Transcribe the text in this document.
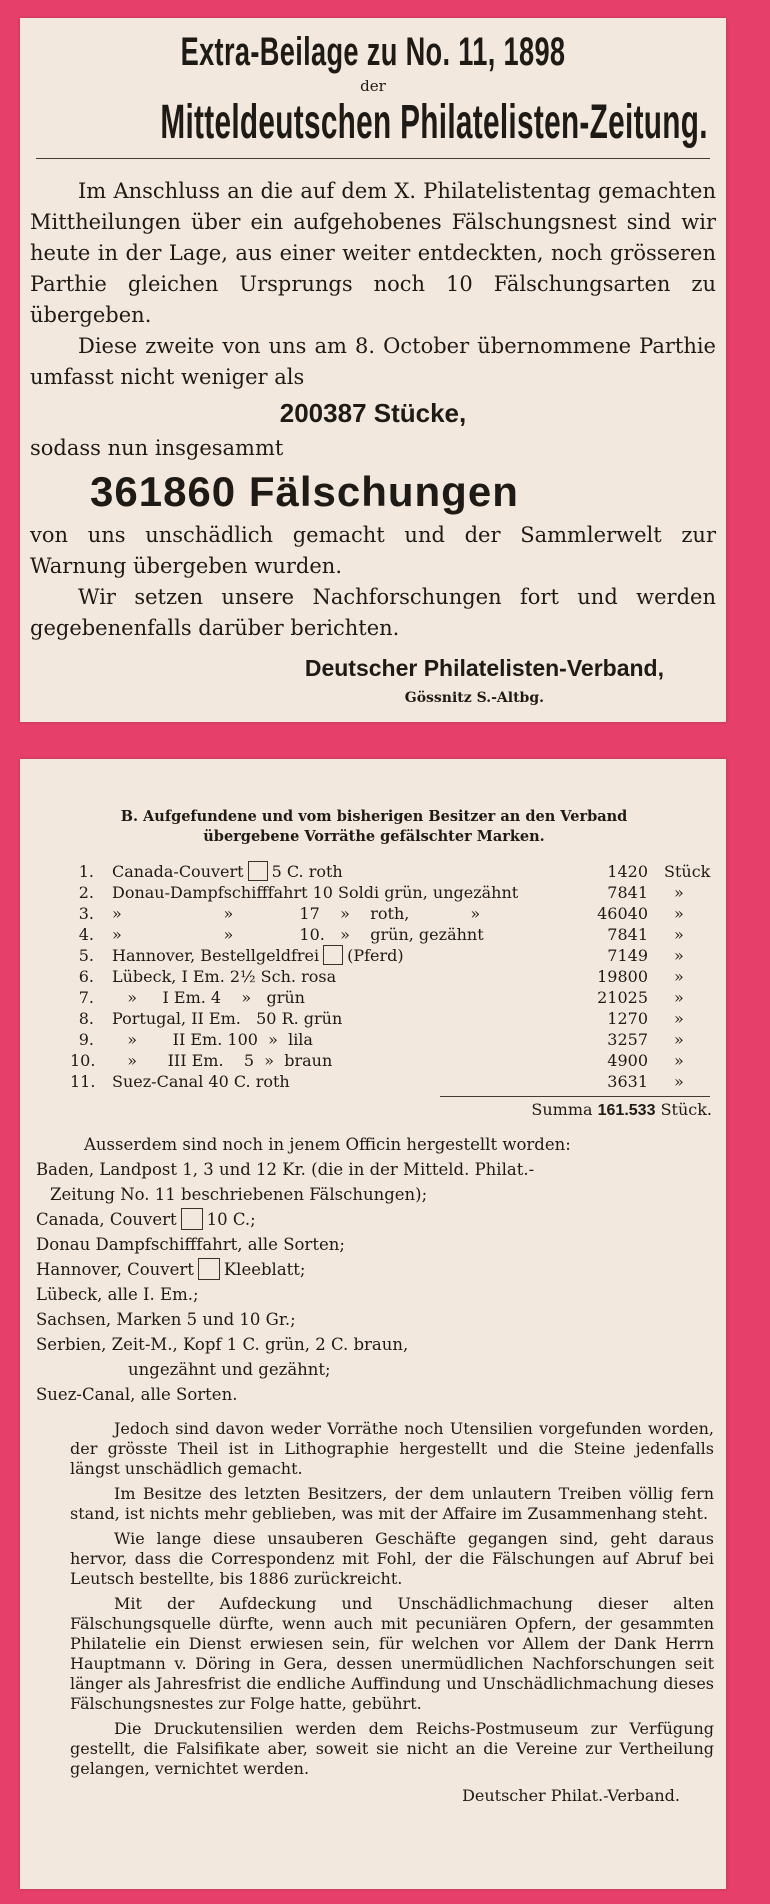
Extra-Beilage zu No. 11, 1898
der
Mitteldeutschen Philatelisten-Zeitung.

Im Anschluss an die auf dem X. Philatelistentag gemachten Mittheilungen über ein aufgehobenes Fälschungsnest sind wir heute in der Lage, aus einer weiter entdeckten, noch grösseren Parthie gleichen Ursprungs noch 10 Fälschungsarten zu übergeben.

Diese zweite von uns am 8. October übernommene Parthie umfasst nicht weniger als

200387 Stücke,

sodass nun insgesammt

361860 Fälschungen

von uns unschädlich gemacht und der Sammlerwelt zur Warnung übergeben wurden.

Wir setzen unsere Nachforschungen fort und werden gegebenenfalls darüber berichten.

Deutscher Philatelisten-Verband,
Gössnitz S.-Altbg.
B. Aufgefundene und vom bisherigen Besitzer an den Verband
übergebene Vorräthe gefälschter Marken.
1. Canada-Couvert 5 C. roth	1420 Stück
2. Donau-Dampfschifffahrt 10 Soldi grün, ungezähnt	7841	»
3. »                    »             17    »    roth,            »	46040	»
4. »                    »             10.   »    grün, gezähnt	7841	»
5. Hannover, Bestellgeldfrei (Pferd)	7149	»
6. Lübeck, I Em. 2½ Sch. rosa	19800	»
7. »     I Em. 4    »   grün	21025	»
8. Portugal, II Em.   50 R. grün	1270	»
9. »       II Em. 100  »  lila	3257	»
10. »      III Em.    5  »  braun	4900	»
11. Suez-Canal 40 C. roth	3631	»
Summa 161.533 Stück.
Ausserdem sind noch in jenem Officin hergestellt worden:
Baden, Landpost 1, 3 und 12 Kr. (die in der Mitteld. Philat.-
Zeitung No. 11 beschriebenen Fälschungen);
Canada, Couvert 10 C.;
Donau Dampfschifffahrt, alle Sorten;
Hannover, Couvert Kleeblatt;
Lübeck, alle I. Em.;
Sachsen, Marken 5 und 10 Gr.;
Serbien, Zeit-M., Kopf 1 C. grün, 2 C. braun,
ungezähnt und gezähnt;
Suez-Canal, alle Sorten.

Jedoch sind davon weder Vorräthe noch Utensilien vorgefunden worden, der grösste Theil ist in Lithographie hergestellt und die Steine jedenfalls längst unschädlich gemacht.

Im Besitze des letzten Besitzers, der dem unlautern Treiben völlig fern stand, ist nichts mehr geblieben, was mit der Affaire im Zusammenhang steht.

Wie lange diese unsauberen Geschäfte gegangen sind, geht daraus hervor, dass die Correspondenz mit Fohl, der die Fälschungen auf Abruf bei Leutsch bestellte, bis 1886 zurückreicht.

Mit der Aufdeckung und Unschädlichmachung dieser alten Fälschungsquelle dürfte, wenn auch mit pecuniären Opfern, der gesammten Philatelie ein Dienst erwiesen sein, für welchen vor Allem der Dank Herrn Hauptmann v. Döring in Gera, dessen unermüdlichen Nachforschungen seit länger als Jahresfrist die endliche Auffindung und Unschädlichmachung dieses Fälschungsnestes zur Folge hatte, gebührt.

Die Druckutensilien werden dem Reichs-Postmuseum zur Verfügung gestellt, die Falsifikate aber, soweit sie nicht an die Vereine zur Vertheilung gelangen, vernichtet werden.

Deutscher Philat.-Verband.
